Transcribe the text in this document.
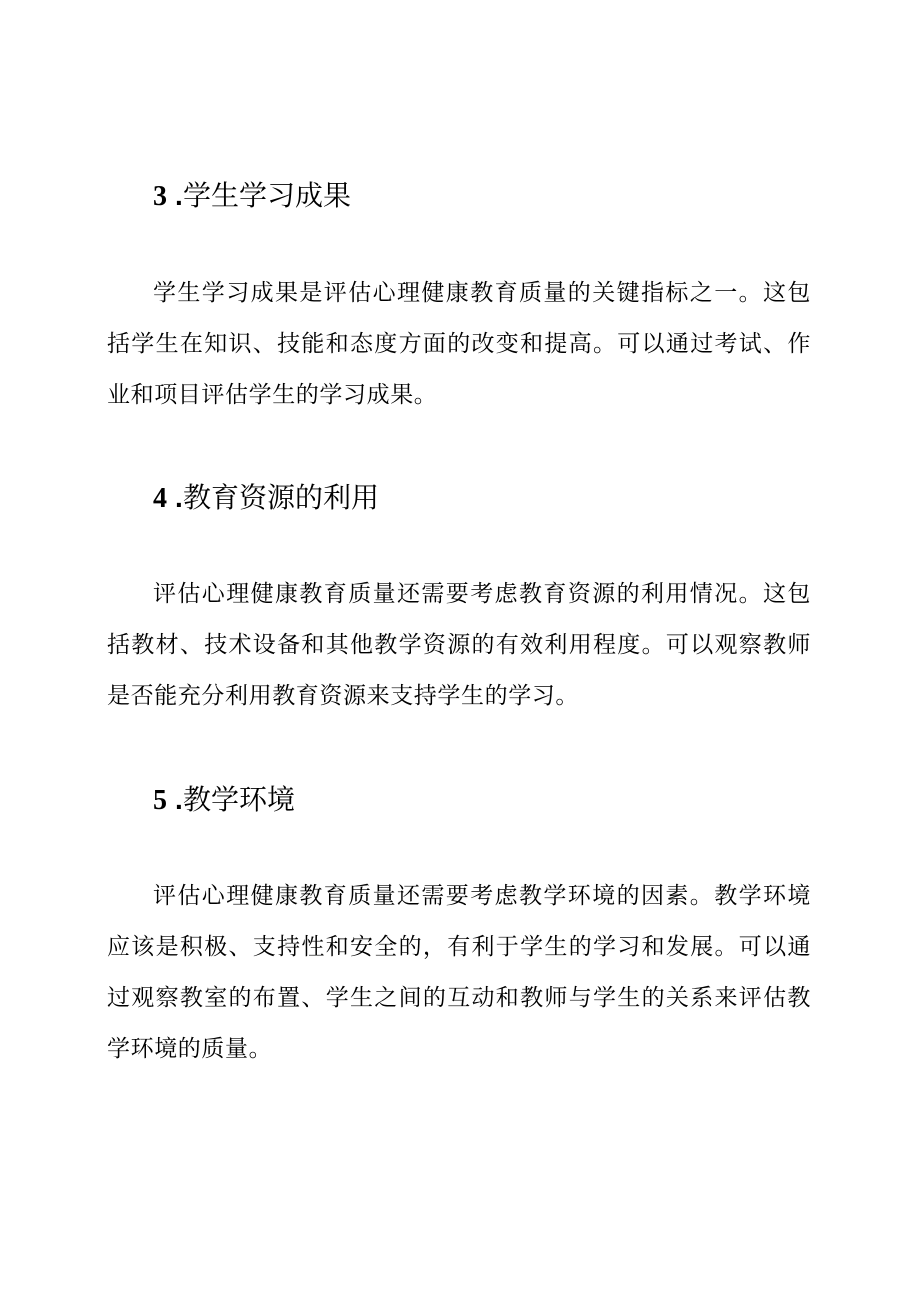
3 .学生学习成果

学生学习成果是评估心理健康教育质量的关键指标之一。这包括学生在知识、技能和态度方面的改变和提高。可以通过考试、作业和项目评估学生的学习成果。

4 .教育资源的利用

评估心理健康教育质量还需要考虑教育资源的利用情况。这包括教材、技术设备和其他教学资源的有效利用程度。可以观察教师是否能充分利用教育资源来支持学生的学习。

5 .教学环境

评估心理健康教育质量还需要考虑教学环境的因素。教学环境应该是积极、支持性和安全的，有利于学生的学习和发展。可以通过观察教室的布置、学生之间的互动和教师与学生的关系来评估教学环境的质量。
